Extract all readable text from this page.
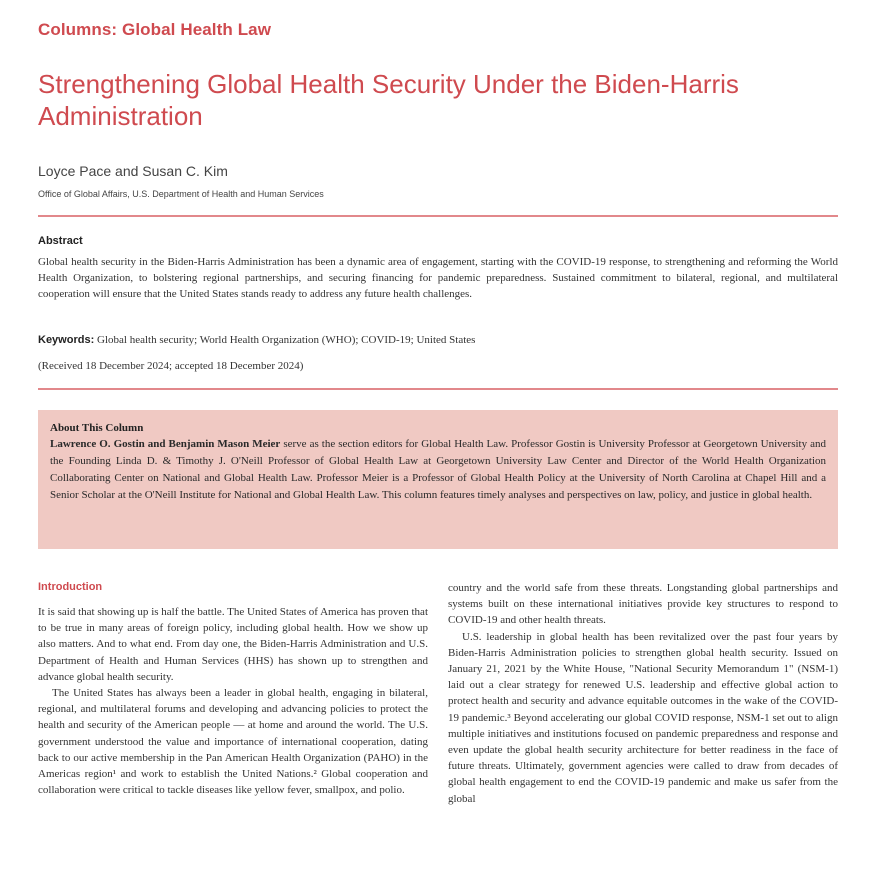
Columns: Global Health Law
Strengthening Global Health Security Under the Biden-Harris Administration
Loyce Pace and Susan C. Kim
Office of Global Affairs, U.S. Department of Health and Human Services
Abstract
Global health security in the Biden-Harris Administration has been a dynamic area of engagement, starting with the COVID-19 response, to strengthening and reforming the World Health Organization, to bolstering regional partnerships, and securing financing for pandemic preparedness. Sustained commitment to bilateral, regional, and multilateral cooperation will ensure that the United States stands ready to address any future health challenges.
Keywords: Global health security; World Health Organization (WHO); COVID-19; United States
(Received 18 December 2024; accepted 18 December 2024)
About This Column
Lawrence O. Gostin and Benjamin Mason Meier serve as the section editors for Global Health Law. Professor Gostin is University Professor at Georgetown University and the Founding Linda D. & Timothy J. O'Neill Professor of Global Health Law at Georgetown University Law Center and Director of the World Health Organization Collaborating Center on National and Global Health Law. Professor Meier is a Professor of Global Health Policy at the University of North Carolina at Chapel Hill and a Senior Scholar at the O'Neill Institute for National and Global Health Law. This column features timely analyses and perspectives on law, policy, and justice in global health.
Introduction

It is said that showing up is half the battle. The United States of America has proven that to be true in many areas of foreign policy, including global health. How we show up also matters. And to what end. From day one, the Biden-Harris Administration and U.S. Department of Health and Human Services (HHS) has shown up to strengthen and advance global health security.

The United States has always been a leader in global health, engaging in bilateral, regional, and multilateral forums and developing and advancing policies to protect the health and security of the American people — at home and around the world. The U.S. government understood the value and importance of international cooperation, dating back to our active membership in the Pan American Health Organization (PAHO) in the Americas region¹ and work to establish the United Nations.² Global cooperation and collaboration were critical to tackle diseases like yellow fever, smallpox, and polio.

country and the world safe from these threats. Longstanding global partnerships and systems built on these international initiatives provide key structures to respond to COVID-19 and other health threats.

U.S. leadership in global health has been revitalized over the past four years by Biden-Harris Administration policies to strengthen global health security. Issued on January 21, 2021 by the White House, "National Security Memorandum 1" (NSM-1) laid out a clear strategy for renewed U.S. leadership and effective global action to protect health and security and advance equitable outcomes in the wake of the COVID-19 pandemic.³ Beyond accelerating our global COVID response, NSM-1 set out to align multiple initiatives and institutions focused on pandemic preparedness and response and even update the global health security architecture for better readiness in the face of future threats. Ultimately, government agencies were called to draw from decades of global health engagement to end the COVID-19 pandemic and make us safer from the global
